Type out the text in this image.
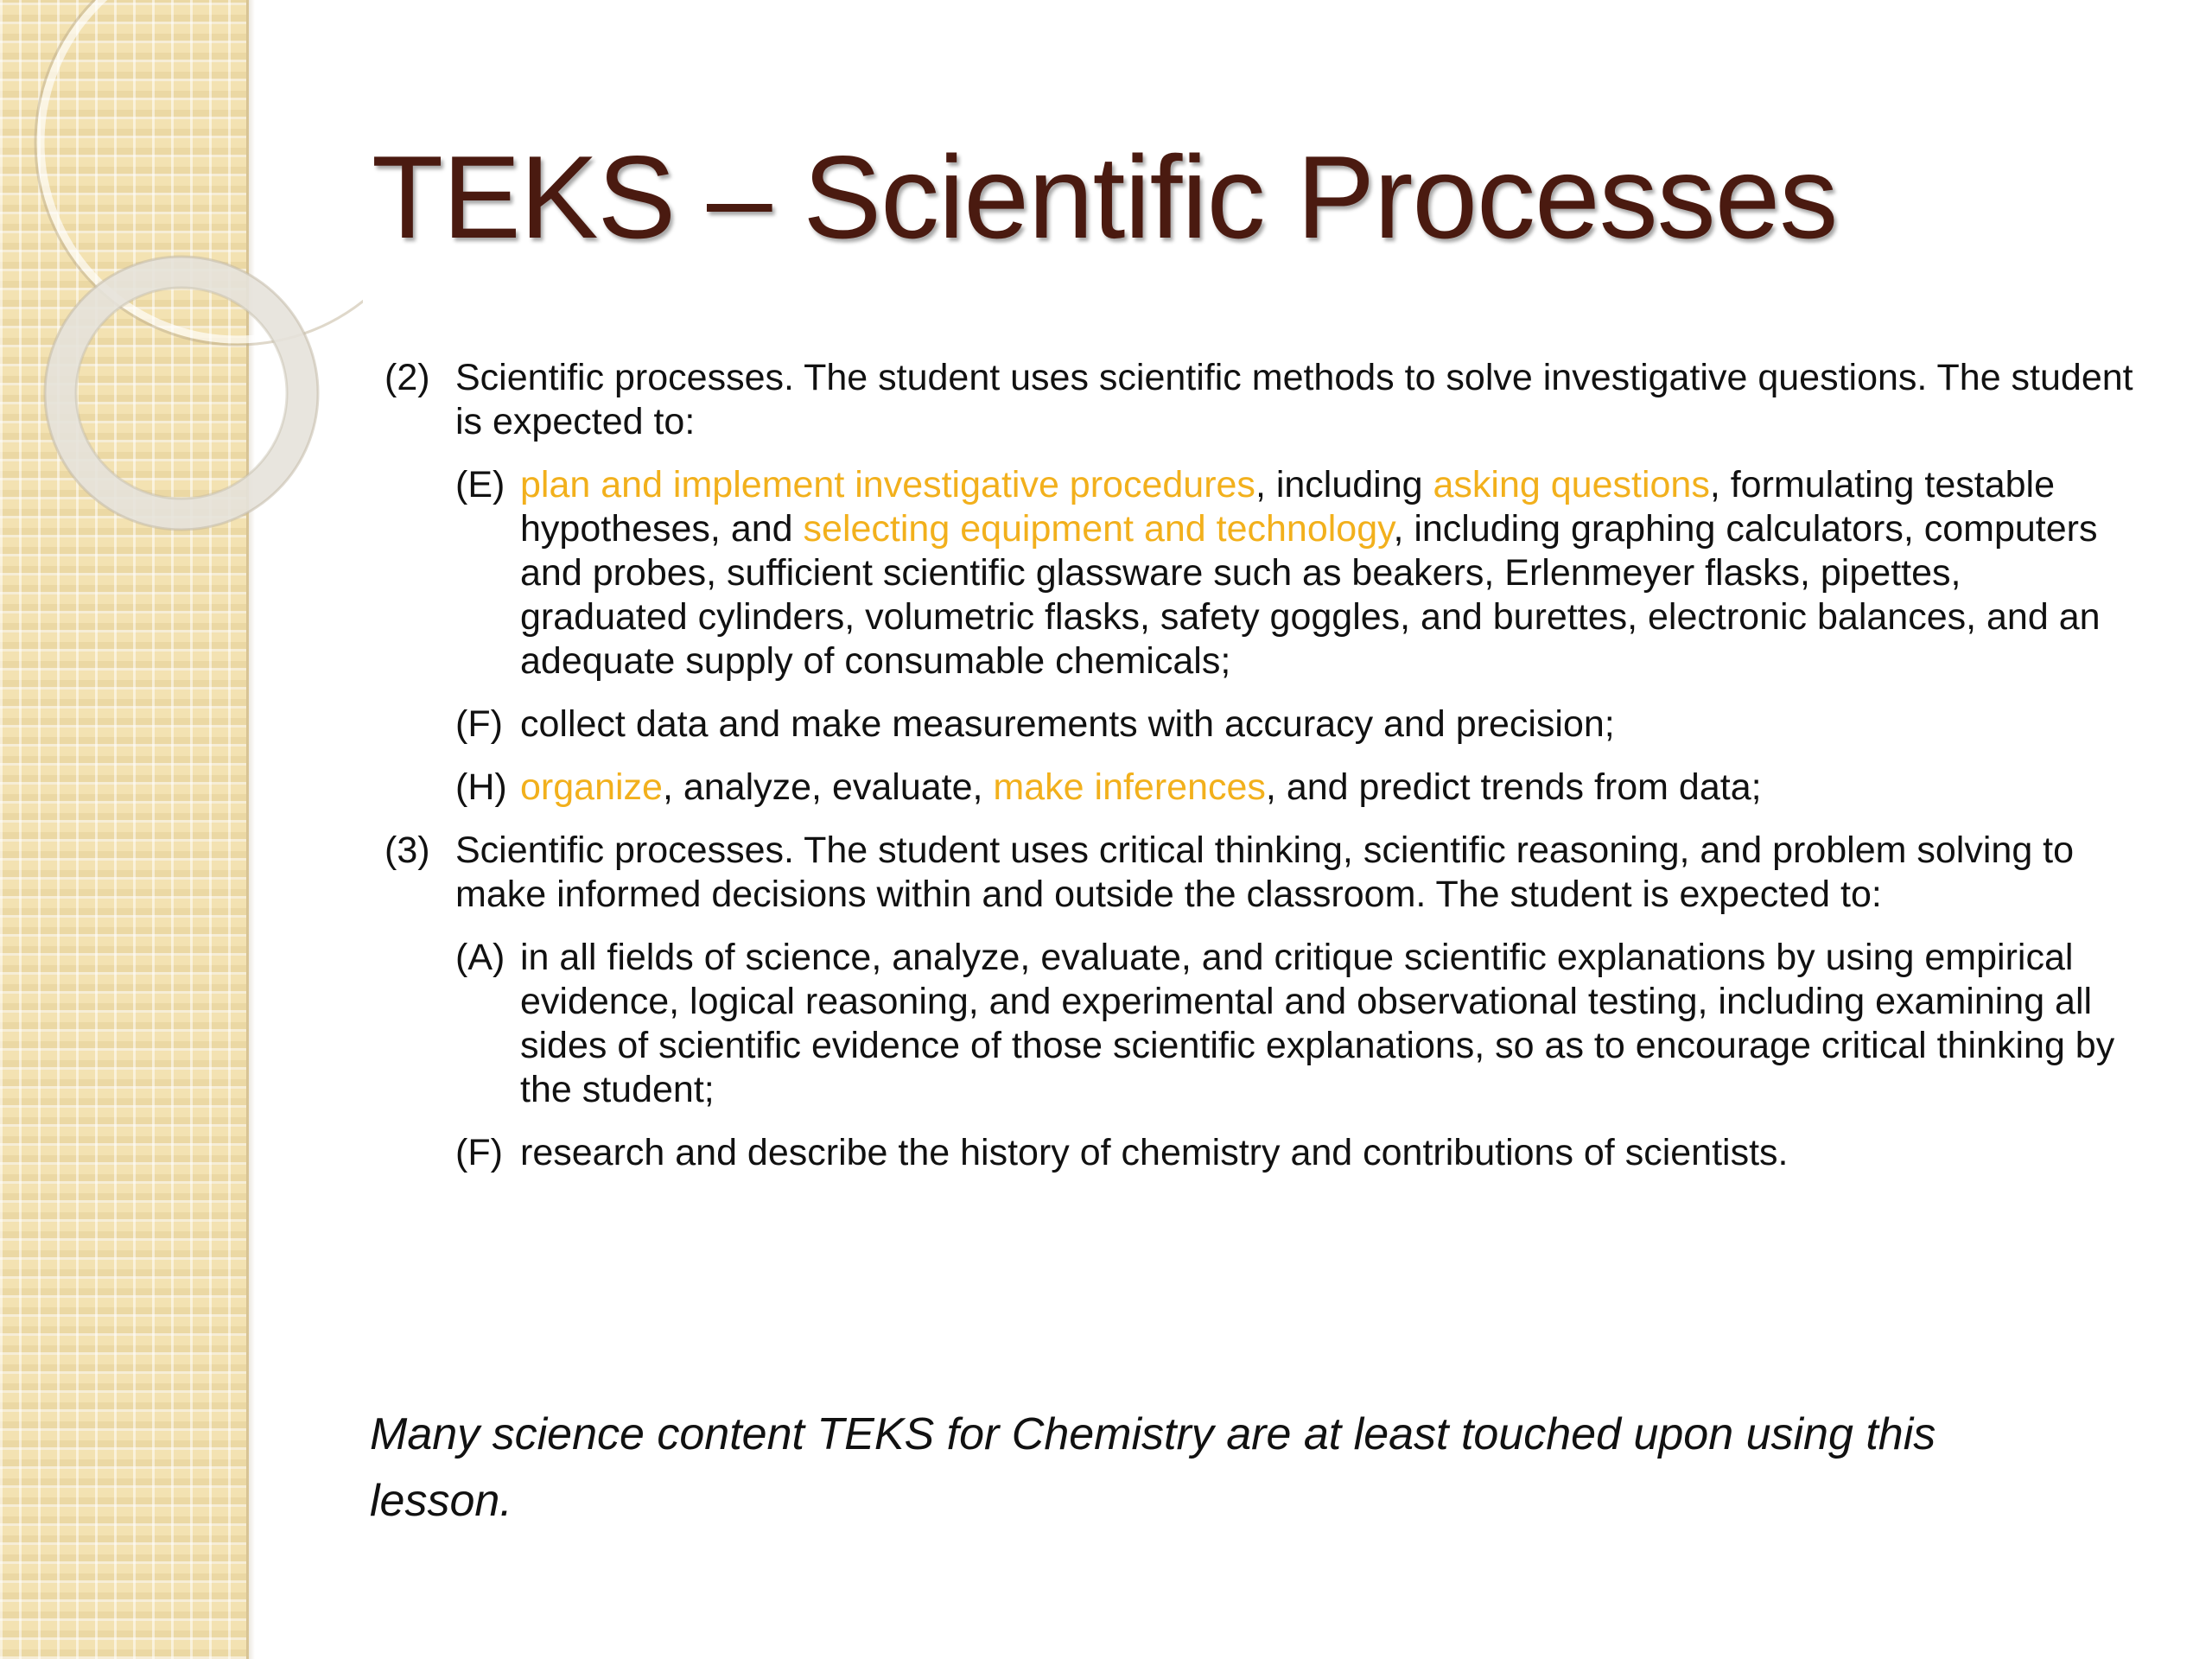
TEKS – Scientific Processes

(2) Scientific processes. The student uses scientific methods to solve investigative questions. The student is expected to:

(E) plan and implement investigative procedures, including asking questions, formulating testable hypotheses, and selecting equipment and technology, including graphing calculators, computers and probes, sufficient scientific glassware such as beakers, Erlenmeyer flasks, pipettes, graduated cylinders, volumetric flasks, safety goggles, and burettes, electronic balances, and an adequate supply of consumable chemicals;

(F) collect data and make measurements with accuracy and precision;

(H) organize, analyze, evaluate, make inferences, and predict trends from data;

(3) Scientific processes. The student uses critical thinking, scientific reasoning, and problem solving to make informed decisions within and outside the classroom. The student is expected to:

(A) in all fields of science, analyze, evaluate, and critique scientific explanations by using empirical evidence, logical reasoning, and experimental and observational testing, including examining all sides of scientific evidence of those scientific explanations, so as to encourage critical thinking by the student;

(F) research and describe the history of chemistry and contributions of scientists.

Many science content TEKS for Chemistry are at least touched upon using this lesson.
